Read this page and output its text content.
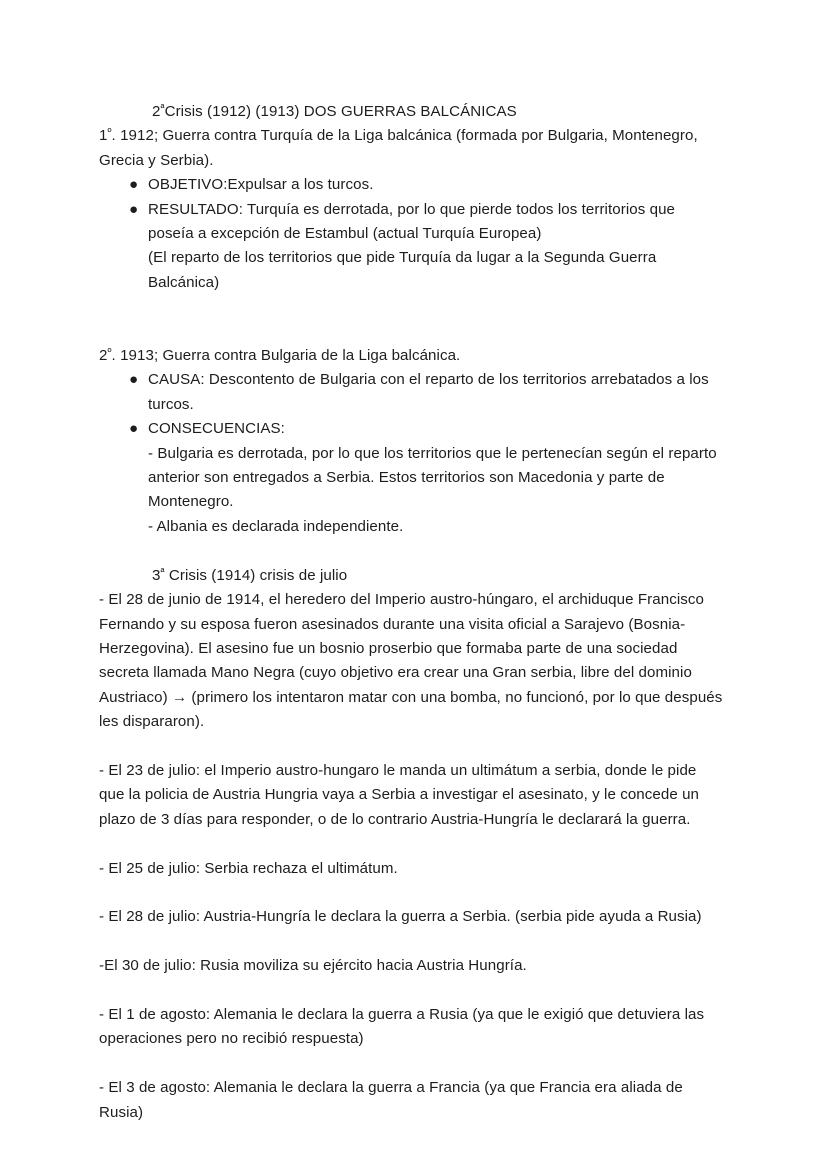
$2^ªCrisis$ (1912) (1913) DOS GUERRAS BALCÁNICAS
$1^º$. 1912; Guerra contra Turquía de la Liga balcánica (formada por Bulgaria, Montenegro, Grecia y Serbia).
● OBJETIVO:Expulsar a los turcos.
● RESULTADO: Turquía es derrotada, por lo que pierde todos los territorios que poseía a excepción de Estambul (actual Turquía Europea)
(El reparto de los territorios que pide Turquía da lugar a la Segunda Guerra Balcánica)
$2^º$. 1913; Guerra contra Bulgaria de la Liga balcánica.
● CAUSA: Descontento de Bulgaria con el reparto de los territorios arrebatados a los turcos.
● CONSECUENCIAS:
- Bulgaria es derrotada, por lo que los territorios que le pertenecían según el reparto anterior son entregados a Serbia. Estos territorios son Macedonia y parte de Montenegro.
- Albania es declarada independiente.
$3^ª$ Crisis (1914) crisis de julio
- El 28 de junio de 1914, el heredero del Imperio austro-húngaro, el archiduque Francisco Fernando y su esposa fueron asesinados durante una visita oficial a Sarajevo (Bosnia-Herzegovina). El asesino fue un bosnio proserbio que formaba parte de una sociedad secreta llamada Mano Negra (cuyo objetivo era crear una Gran serbia, libre del dominio Austriaco) → (primero los intentaron matar con una bomba, no funcionó, por lo que después les dispararon).
- El 23 de julio: el Imperio austro-hungaro le manda un ultimátum a serbia, donde le pide que la policia de Austria Hungria vaya a Serbia a investigar el asesinato, y le concede un plazo de 3 días para responder, o de lo contrario Austria-Hungría le declarará la guerra.
- El 25 de julio: Serbia rechaza el ultimátum.
- El 28 de julio: Austria-Hungría le declara la guerra a Serbia. (serbia pide ayuda a Rusia)
-El 30 de julio: Rusia moviliza su ejército hacia Austria Hungría.
- El 1 de agosto: Alemania le declara la guerra a Rusia (ya que le exigió que detuviera las operaciones pero no recibió respuesta)
- El 3 de agosto: Alemania le declara la guerra a Francia (ya que Francia era aliada de Rusia)
